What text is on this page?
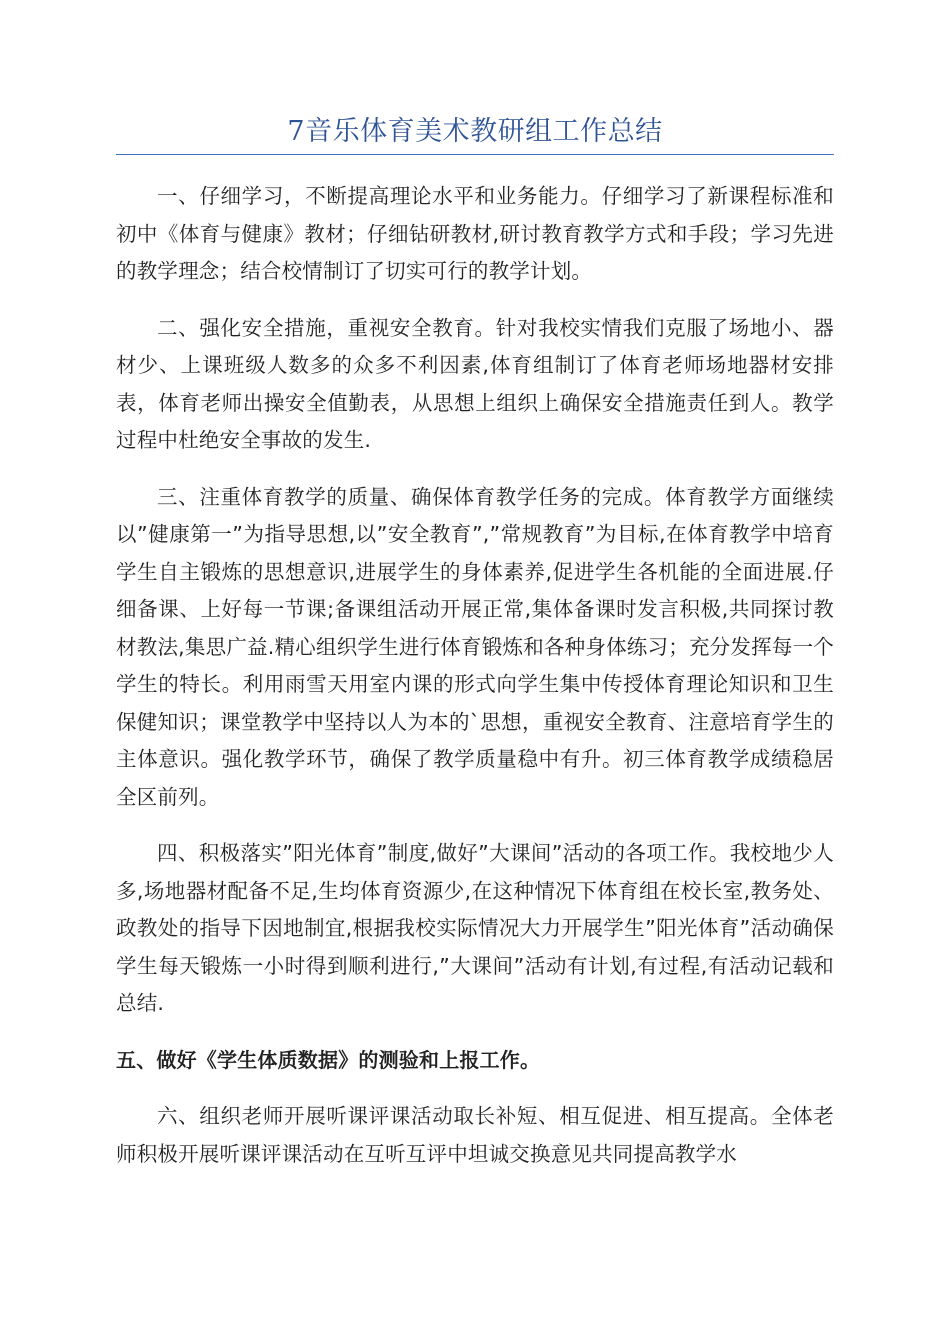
7音乐体育美术教研组工作总结

一、仔细学习，不断提高理论水平和业务能力。仔细学习了新课程标准和初中《体育与健康》教材；仔细钻研教材,研讨教育教学方式和手段；学习先进的教学理念；结合校情制订了切实可行的教学计划。

二、强化安全措施，重视安全教育。针对我校实情我们克服了场地小、器材少、上课班级人数多的众多不利因素,体育组制订了体育老师场地器材安排表，体育老师出操安全值勤表，从思想上组织上确保安全措施责任到人。教学过程中杜绝安全事故的发生.

三、注重体育教学的质量、确保体育教学任务的完成。体育教学方面继续以”健康第一”为指导思想,以”安全教育”,”常规教育”为目标,在体育教学中培育学生自主锻炼的思想意识,进展学生的身体素养,促进学生各机能的全面进展.仔细备课、上好每一节课;备课组活动开展正常,集体备课时发言积极,共同探讨教材教法,集思广益.精心组织学生进行体育锻炼和各种身体练习；充分发挥每一个学生的特长。利用雨雪天用室内课的形式向学生集中传授体育理论知识和卫生保健知识；课堂教学中坚持以人为本的`思想，重视安全教育、注意培育学生的主体意识。强化教学环节，确保了教学质量稳中有升。初三体育教学成绩稳居全区前列。

四、积极落实”阳光体育”制度,做好”大课间”活动的各项工作。我校地少人多,场地器材配备不足,生均体育资源少,在这种情况下体育组在校长室,教务处、政教处的指导下因地制宜,根据我校实际情况大力开展学生”阳光体育”活动确保学生每天锻炼一小时得到顺利进行,”大课间”活动有计划,有过程,有活动记载和总结.

五、做好《学生体质数据》的测验和上报工作。

六、组织老师开展听课评课活动取长补短、相互促进、相互提高。全体老师积极开展听课评课活动在互听互评中坦诚交换意见共同提高教学水
